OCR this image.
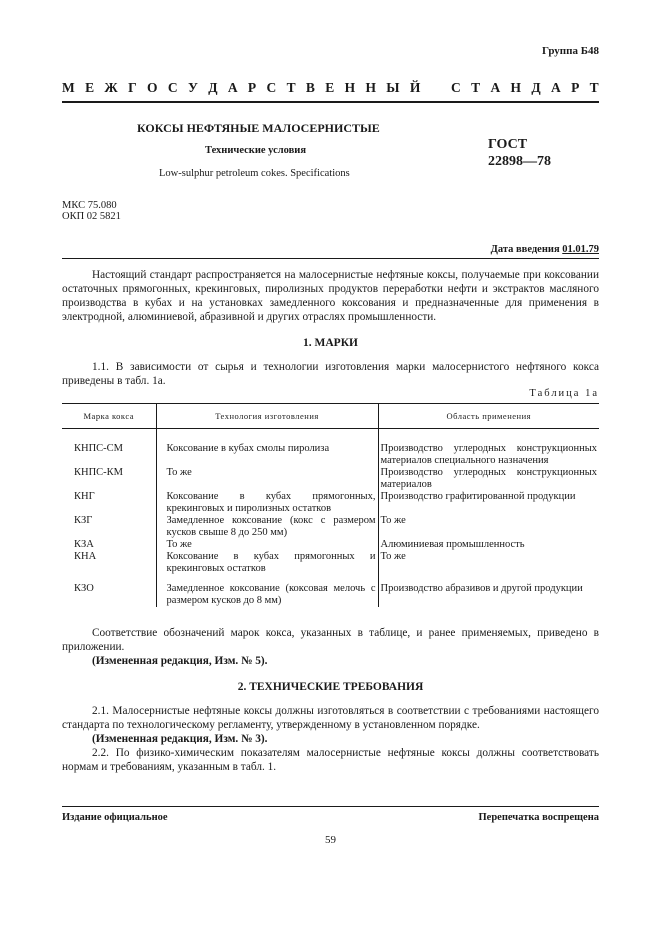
Группа Б48
М Е Ж Г О С У Д А Р С Т В Е Н Н Ы Й С Т А Н Д А Р Т
КОКСЫ НЕФТЯНЫЕ МАЛОСЕРНИСТЫЕ
Технические условия
Low-sulphur petroleum cokes. Specifications
ГОСТ
22898—78
МКС 75.080
ОКП 02 5821
Дата введения 01.01.79
Настоящий стандарт распространяется на малосернистые нефтяные коксы, получаемые при коксовании остаточных прямогонных, крекинговых, пиролизных продуктов переработки нефти и экстрактов масляного производства в кубах и на установках замедленного коксования и предназначенные для применения в электродной, алюминиевой, абразивной и других отраслях промышленности.
1. МАРКИ
1.1. В зависимости от сырья и технологии изготовления марки малосернистого нефтяного кокса приведены в табл. 1а.
Таблица 1а
Марка кокса	Технология изготовления	Область применения
КНПС-СМ	Коксование в кубах смолы пиролиза	Производство углеродных конструкционных материалов специального назначения
КНПС-КМ	То же	Производство углеродных конструкционных материалов
КНГ	Коксование в кубах прямогонных, крекинговых и пиролизных остатков	Производство графитированной продукции
КЗГ	Замедленное коксование (кокс с размером кусков свыше 8 до 250 мм)	То же
КЗА	То же	Алюминиевая промышленность
КНА	Коксование в кубах прямогонных и крекинговых остатков	То же
КЗО	Замедленное коксование (коксовая мелочь с размером кусков до 8 мм)	Производство абразивов и другой продукции
Соответствие обозначений марок кокса, указанных в таблице, и ранее применяемых, приведено в приложении.
(Измененная редакция, Изм. № 5).
2. ТЕХНИЧЕСКИЕ ТРЕБОВАНИЯ
2.1. Малосернистые нефтяные коксы должны изготовляться в соответствии с требованиями настоящего стандарта по технологическому регламенту, утвержденному в установленном порядке.
(Измененная редакция, Изм. № 3).
2.2. По физико-химическим показателям малосернистые нефтяные коксы должны соответствовать нормам и требованиям, указанным в табл. 1.
Издание официальное	Перепечатка воспрещена
59
